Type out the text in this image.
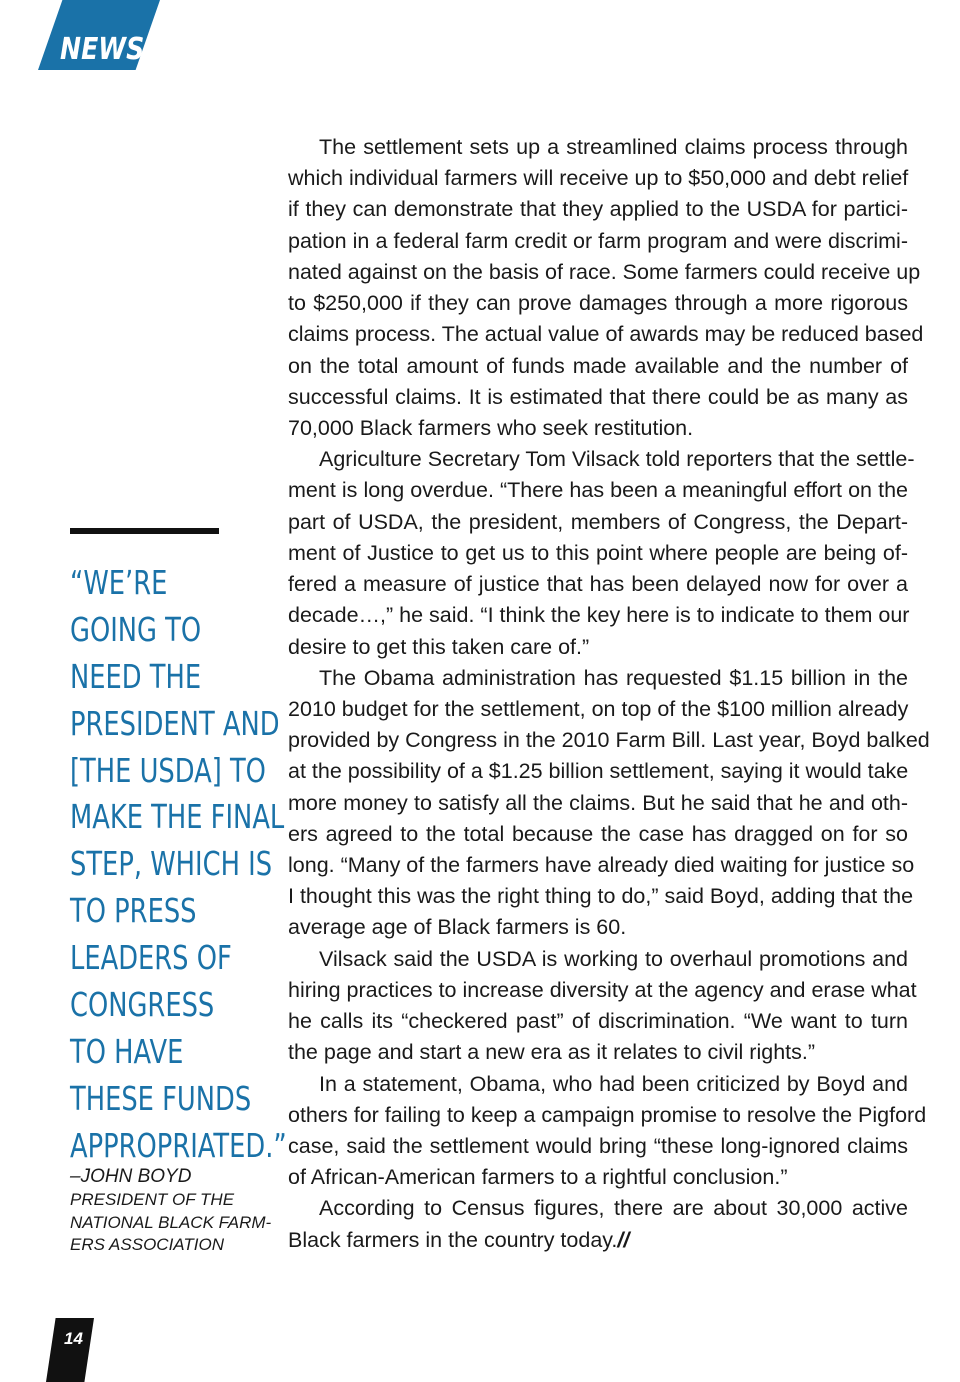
NEWS
“WE’RE
GOING TO
NEED THE
PRESIDENT AND
[THE USDA] TO
MAKE THE FINAL
STEP, WHICH IS
TO PRESS
LEADERS OF
CONGRESS
TO HAVE
THESE FUNDS
APPROPRIATED.”
–JOHN BOYD
PRESIDENT OF THE
NATIONAL BLACK FARM-
ERS ASSOCIATION
The settlement sets up a streamlined claims process through
which individual farmers will receive up to $50,000 and debt relief
if they can demonstrate that they applied to the USDA for partici-
pation in a federal farm credit or farm program and were discrimi-
nated against on the basis of race. Some farmers could receive up
to $250,000 if they can prove damages through a more rigorous
claims process. The actual value of awards may be reduced based
on the total amount of funds made available and the number of
successful claims. It is estimated that there could be as many as
70,000 Black farmers who seek restitution.
Agriculture Secretary Tom Vilsack told reporters that the settle-
ment is long overdue. “There has been a meaningful effort on the
part of USDA, the president, members of Congress, the Depart-
ment of Justice to get us to this point where people are being of-
fered a measure of justice that has been delayed now for over a
decade…,” he said. “I think the key here is to indicate to them our
desire to get this taken care of.”
The Obama administration has requested $1.15 billion in the
2010 budget for the settlement, on top of the $100 million already
provided by Congress in the 2010 Farm Bill. Last year, Boyd balked
at the possibility of a $1.25 billion settlement, saying it would take
more money to satisfy all the claims. But he said that he and oth-
ers agreed to the total because the case has dragged on for so
long. “Many of the farmers have already died waiting for justice so
I thought this was the right thing to do,” said Boyd, adding that the
average age of Black farmers is 60.
Vilsack said the USDA is working to overhaul promotions and
hiring practices to increase diversity at the agency and erase what
he calls its “checkered past” of discrimination. “We want to turn
the page and start a new era as it relates to civil rights.”
In a statement, Obama, who had been criticized by Boyd and
others for failing to keep a campaign promise to resolve the Pigford
case, said the settlement would bring “these long-ignored claims
of African-American farmers to a rightful conclusion.”
According to Census figures, there are about 30,000 active
Black farmers in the country today.//
14
